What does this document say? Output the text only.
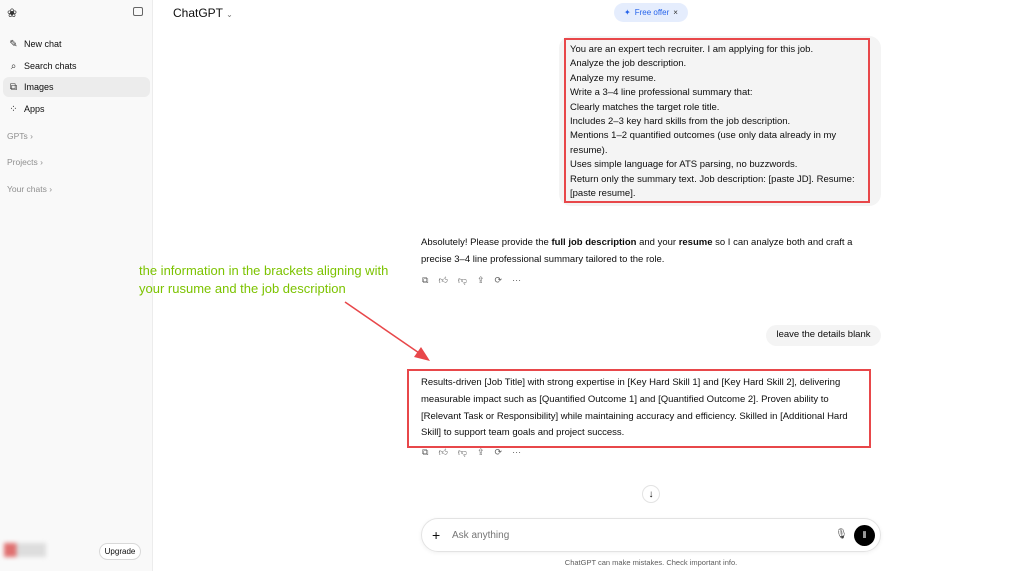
❀
✎ New chat
⌕ Search chats
⧉ Images
⁘ Apps
GPTs ›
Projects ›
Your chats ›
Upgrade
ChatGPT ⌄	✦ Free offer ×
You are an expert tech recruiter. I am applying for this job.
Analyze the job description.
Analyze my resume.
Write a 3–4 line professional summary that:
Clearly matches the target role title.
Includes 2–3 key hard skills from the job description.
Mentions 1–2 quantified outcomes (use only data already in my
resume).
Uses simple language for ATS parsing, no buzzwords.
Return only the summary text. Job description: [paste JD]. Resume:
[paste resume].
Absolutely! Please provide the full job description and your resume so I can analyze both and craft a precise 3–4 line professional summary tailored to the role.
⧉ 👍︎ 👎︎ ⇪ ⟳ ···
the information in the brackets aligning with
your rusume and the job description
leave the details blank
Results-driven [Job Title] with strong expertise in [Key Hard Skill 1] and [Key Hard Skill 2], delivering measurable impact such as [Quantified Outcome 1] and [Quantified Outcome 2]. Proven ability to [Relevant Task or Responsibility] while maintaining accuracy and efficiency. Skilled in [Additional Hard Skill] to support team goals and project success.
⧉ 👍︎ 👎︎ ⇪ ⟳ ···
↓
+
Ask anything	🎙︎	⫴
ChatGPT can make mistakes. Check important info.
